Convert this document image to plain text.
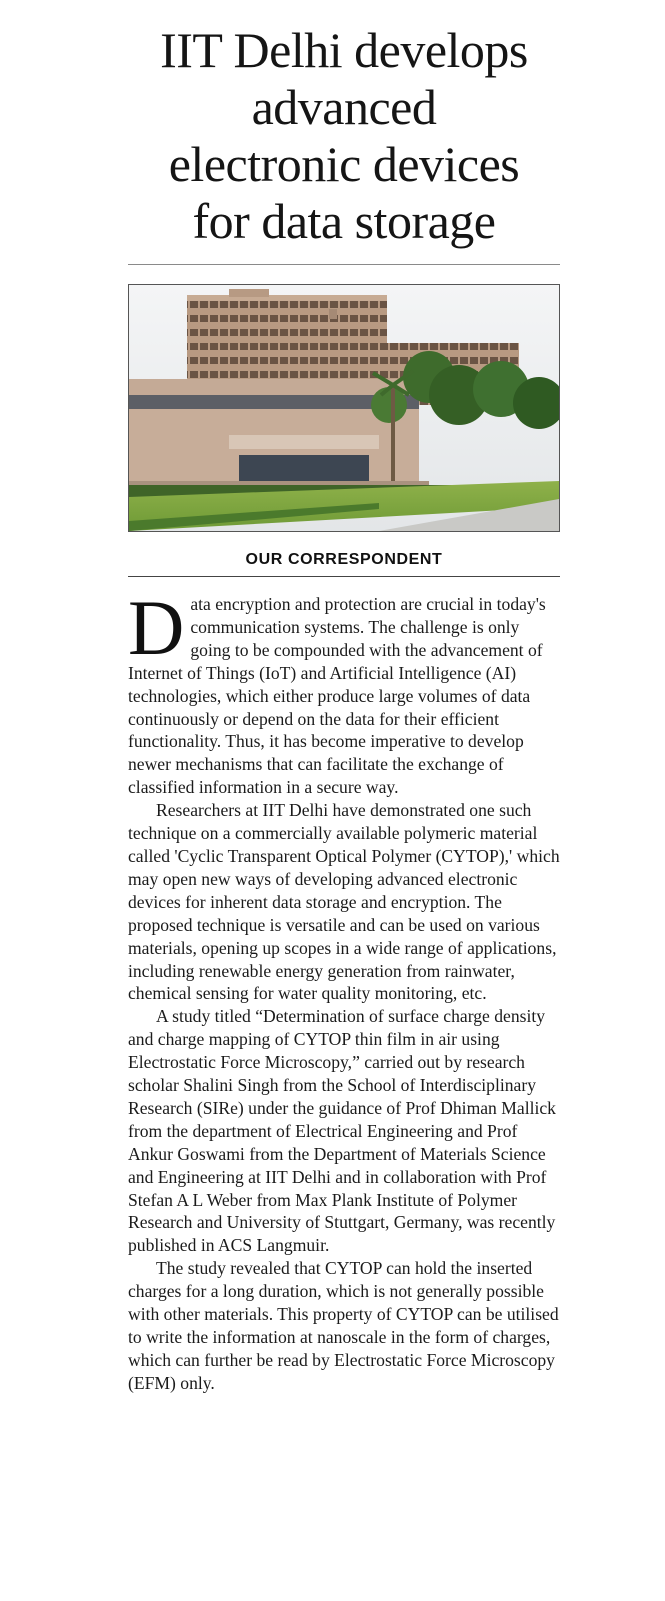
IIT Delhi develops
advanced
electronic devices
for data storage
OUR CORRESPONDENT

Data encryption and protection are crucial in today's communication systems. The challenge is only going to be compounded with the advancement of Internet of Things (IoT) and Artificial Intelligence (AI) technologies, which either produce large volumes of data continuously or depend on the data for their efficient functionality. Thus, it has become imperative to develop newer mechanisms that can facilitate the exchange of classified information in a secure way.

Researchers at IIT Delhi have demonstrated one such technique on a commercially available polymeric material called 'Cyclic Transparent Optical Polymer (CYTOP),' which may open new ways of developing advanced electronic devices for inherent data storage and encryption. The proposed technique is versatile and can be used on various materials, opening up scopes in a wide range of applications, including renewable energy generation from rainwater, chemical sensing for water quality monitoring, etc.

A study titled “Determination of surface charge density and charge mapping of CYTOP thin film in air using Electrostatic Force Microscopy,” carried out by research scholar Shalini Singh from the School of Interdisciplinary Research (SIRe) under the guidance of Prof Dhiman Mallick from the department of Electrical Engineering and Prof Ankur Goswami from the Department of Materials Science and Engineering at IIT Delhi and in collaboration with Prof Stefan A L Weber from Max Plank Institute of Polymer Research and University of Stuttgart, Germany, was recently published in ACS Langmuir.

The study revealed that CYTOP can hold the inserted charges for a long duration, which is not generally possible with other materials. This property of CYTOP can be utilised to write the information at nanoscale in the form of charges, which can further be read by Electrostatic Force Microscopy (EFM) only.
